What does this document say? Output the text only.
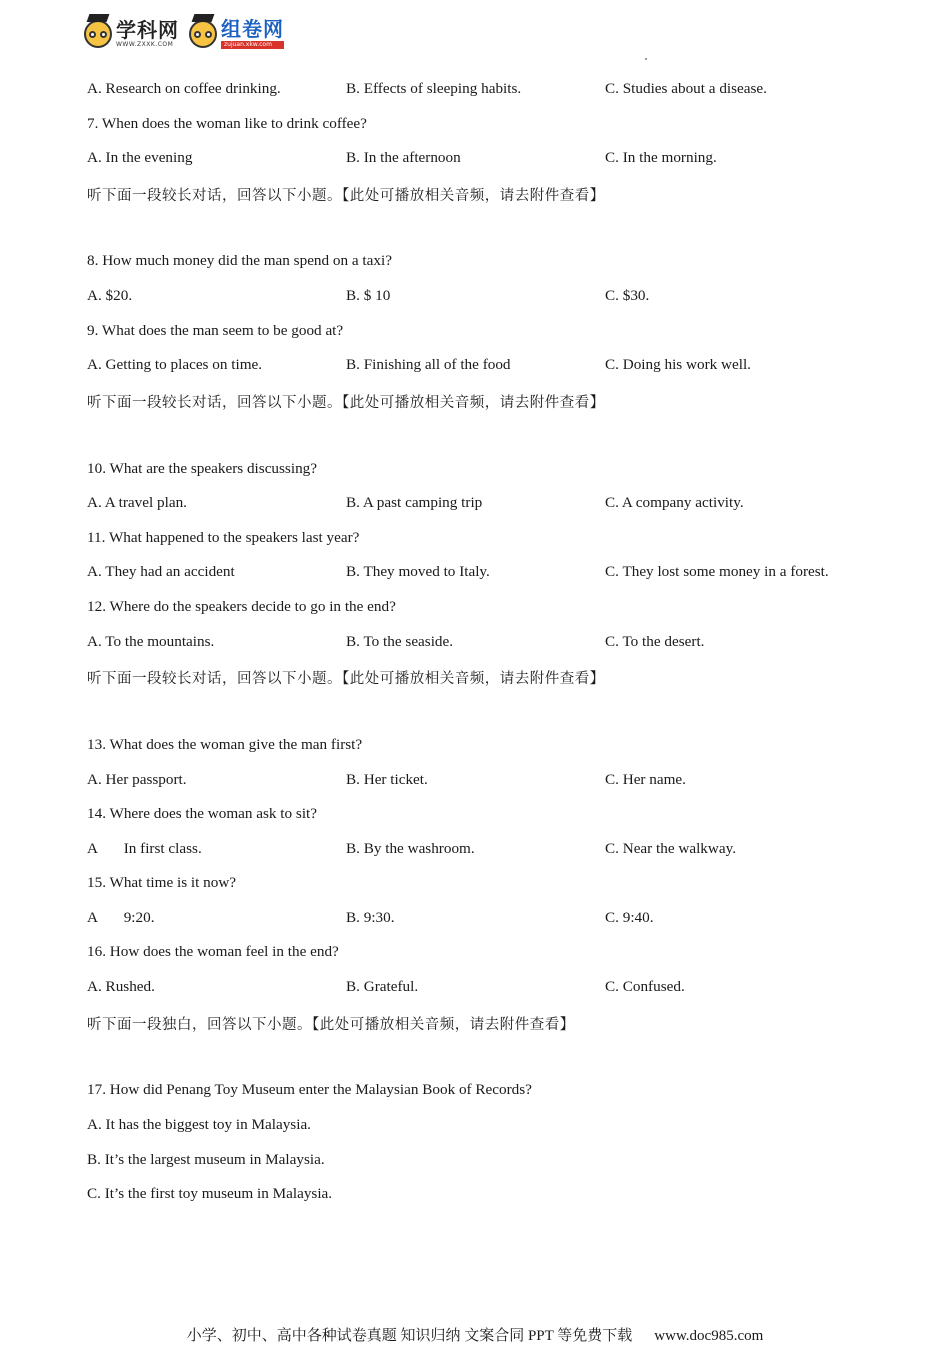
学科网
WWW.ZXXK.COM
组卷网
zujuan.xkw.com
A. Research on coffee drinking.	B. Effects of sleeping habits.	C. Studies about a disease.
7. When does the woman like to drink coffee?
A. In the evening	B. In the afternoon	C. In the morning.
听下面一段较长对话，回答以下小题。【此处可播放相关音频，请去附件查看】
8. How much money did the man spend on a taxi?
A. $20.	B. $ 10	C. $30.
9. What does the man seem to be good at?
A. Getting to places on time.	B. Finishing all of the food	C. Doing his work well.
听下面一段较长对话，回答以下小题。【此处可播放相关音频，请去附件查看】
10. What are the speakers discussing?
A. A travel plan.	B. A past camping trip	C. A company activity.
11. What happened to the speakers last year?
A. They had an accident	B. They moved to Italy.	C. They lost some money in a forest.
12. Where do the speakers decide to go in the end?
A. To the mountains.	B. To the seaside.	C. To the desert.
听下面一段较长对话，回答以下小题。【此处可播放相关音频，请去附件查看】
13. What does the woman give the man first?
A. Her passport.	B. Her ticket.	C. Her name.
14. Where does the woman ask to sit?
A       In first class.	B. By the washroom.	C. Near the walkway.
15. What time is it now?
A       9:20.	B. 9:30.	C. 9:40.
16. How does the woman feel in the end?
A. Rushed.	B. Grateful.	C. Confused.
听下面一段独白，回答以下小题。【此处可播放相关音频，请去附件查看】
17. How did Penang Toy Museum enter the Malaysian Book of Records?
A. It has the biggest toy in Malaysia.
B. It’s the largest museum in Malaysia.
C. It’s the first toy museum in Malaysia.
小学、初中、高中各种试卷真题 知识归纳 文案合同 PPT 等免费下载 www.doc985.com
